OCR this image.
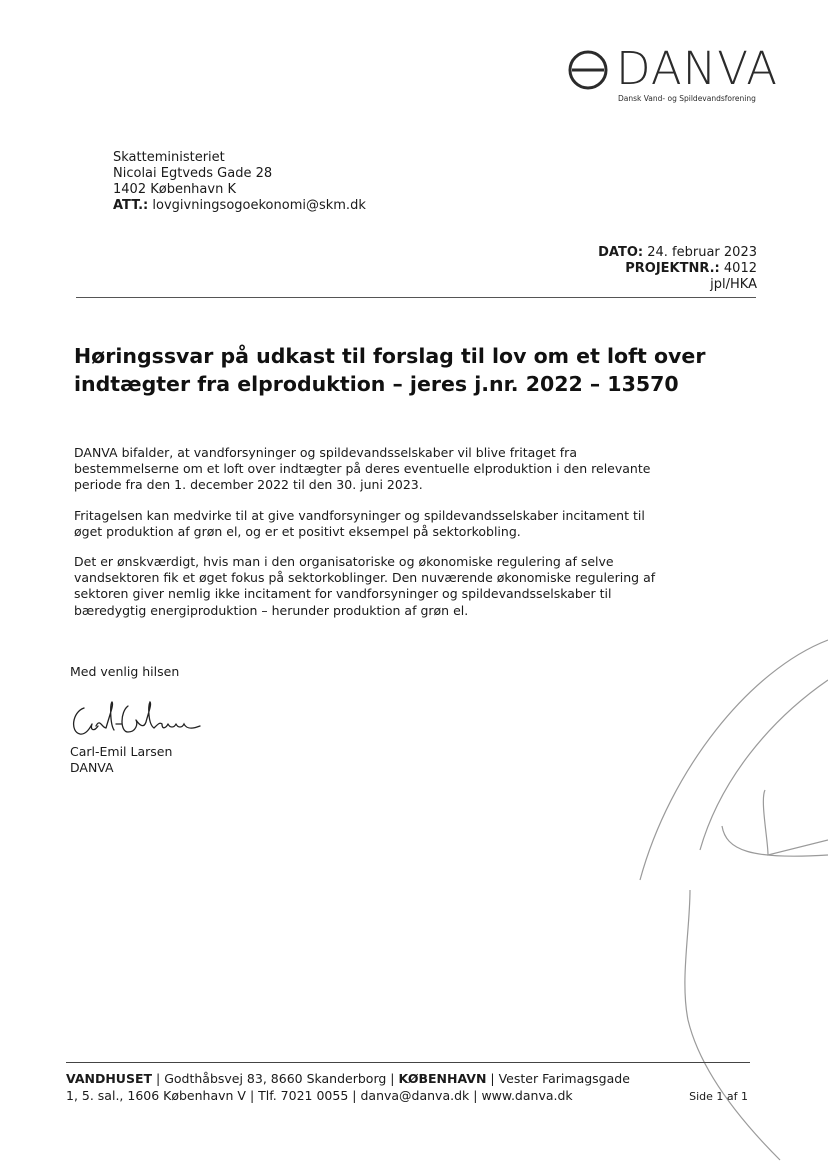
DANVA
Dansk Vand- og Spildevandsforening
Skatteministeriet
Nicolai Egtveds Gade 28
1402 København K
ATT.: lovgivningsogoekonomi@skm.dk
DATO: 24. februar 2023
PROJEKTNR.: 4012
jpl/HKA
Høringssvar på udkast til forslag til lov om et loft over indtægter fra elproduktion – jeres j.nr. 2022 – 13570

DANVA bifalder, at vandforsyninger og spildevandsselskaber vil blive fritaget fra bestemmelserne om et loft over indtægter på deres eventuelle elproduktion i den relevante periode fra den 1. december 2022 til den 30. juni 2023.

Fritagelsen kan medvirke til at give vandforsyninger og spildevandsselskaber incitament til øget produktion af grøn el, og er et positivt eksempel på sektorkobling.

Det er ønskværdigt, hvis man i den organisatoriske og økonomiske regulering af selve vandsektoren fik et øget fokus på sektorkoblinger. Den nuværende økonomiske regulering af sektoren giver nemlig ikke incitament for vandforsyninger og spildevandsselskaber til bæredygtig energiproduktion – herunder produktion af grøn el.

Med venlig hilsen
Carl-Emil Larsen
DANVA
VANDHUSET | Godthåbsvej 83, 8660 Skanderborg | KØBENHAVN | Vester Farimagsgade
1, 5. sal., 1606 København V | Tlf. 7021 0055 | danva@danva.dk | www.danva.dk	Side 1 af 1
